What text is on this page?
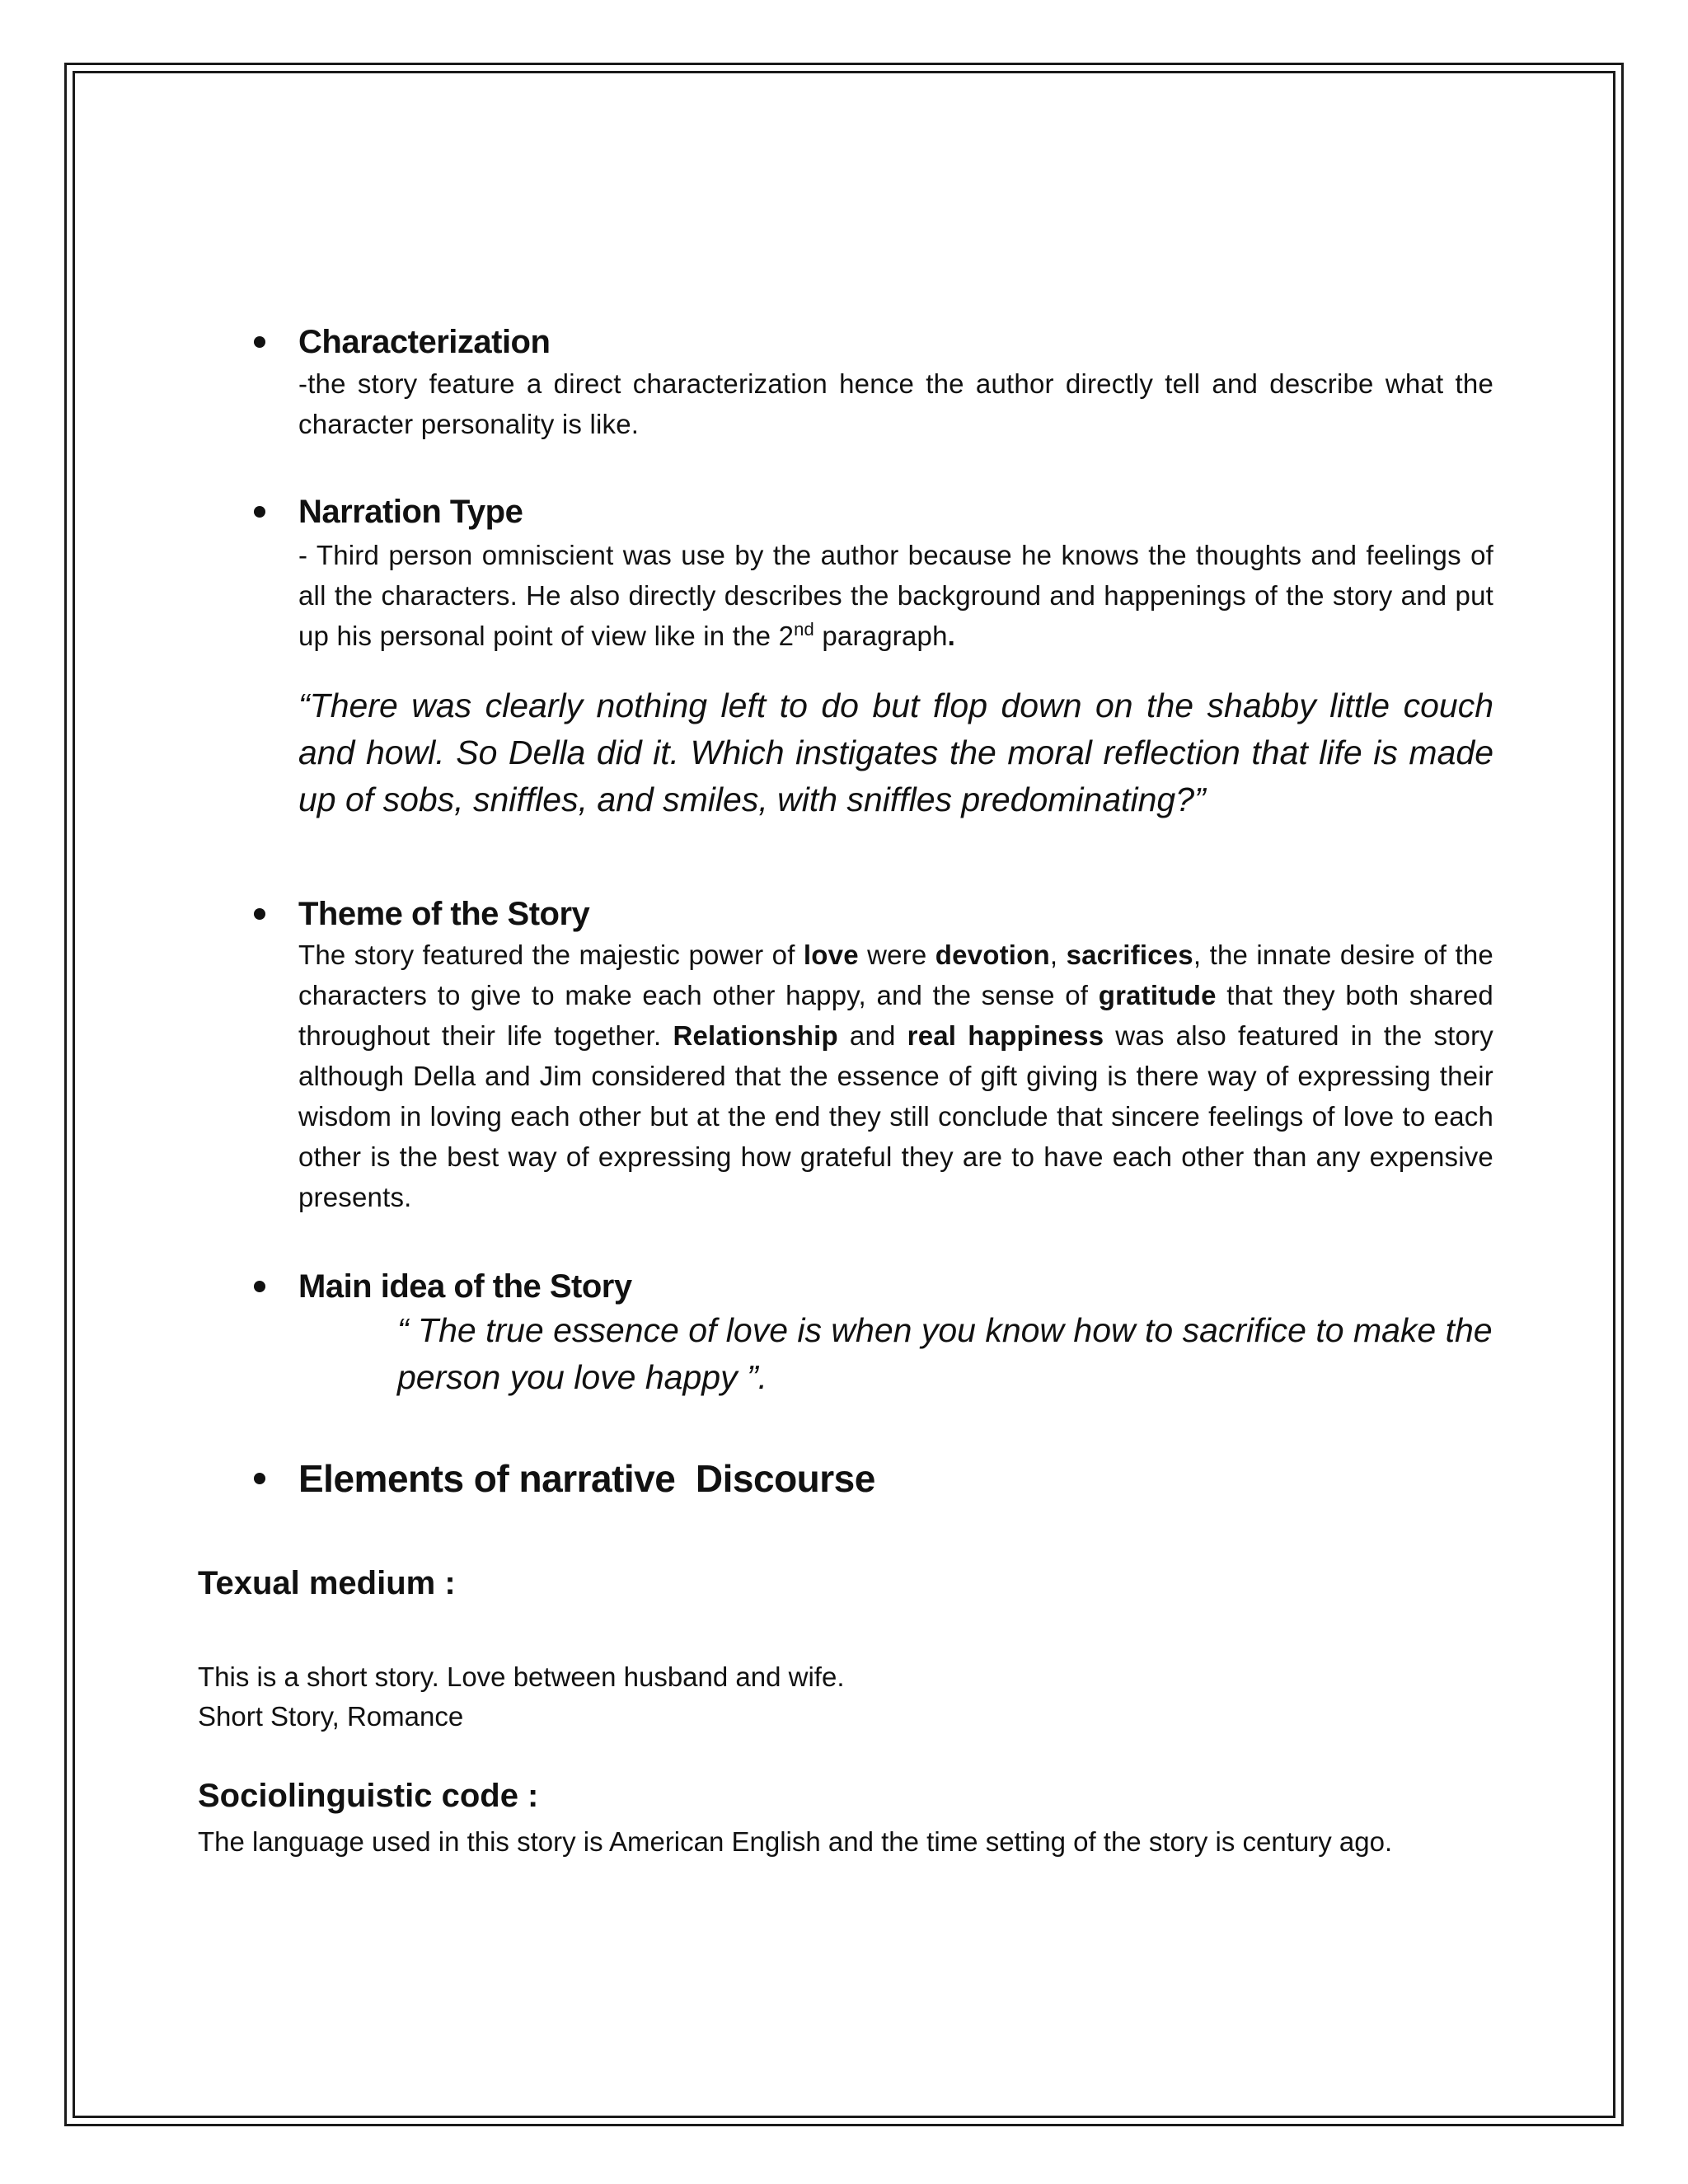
Characterization
-the story feature a direct characterization hence the author directly tell and describe what the character personality is like.
Narration Type
- Third person omniscient was use by the author because he knows the thoughts and feelings of all the characters. He also directly describes the background and happenings of the story and put up his personal point of view like in the 2nd paragraph.
“There was clearly nothing left to do but flop down on the shabby little couch and howl. So Della did it. Which instigates the moral reflection that life is made up of sobs, sniffles, and smiles, with sniffles predominating?”
Theme of the Story
The story featured the majestic power of love were devotion, sacrifices, the innate desire of the characters to give to make each other happy, and the sense of gratitude that they both shared throughout their life together. Relationship and real happiness was also featured in the story although Della and Jim considered that the essence of gift giving is there way of expressing their wisdom in loving each other but at the end they still conclude that sincere feelings of love to each other is the best way of expressing how grateful they are to have each other than any expensive presents.
Main idea of the Story
“ The true essence of love is when you know how to sacrifice to make the person you love happy ”.
Elements of narrative  Discourse
Texual medium :
This is a short story. Love between husband and wife.
Short Story, Romance
Sociolinguistic code :
The language used in this story is American English and the time setting of the story is century ago.
